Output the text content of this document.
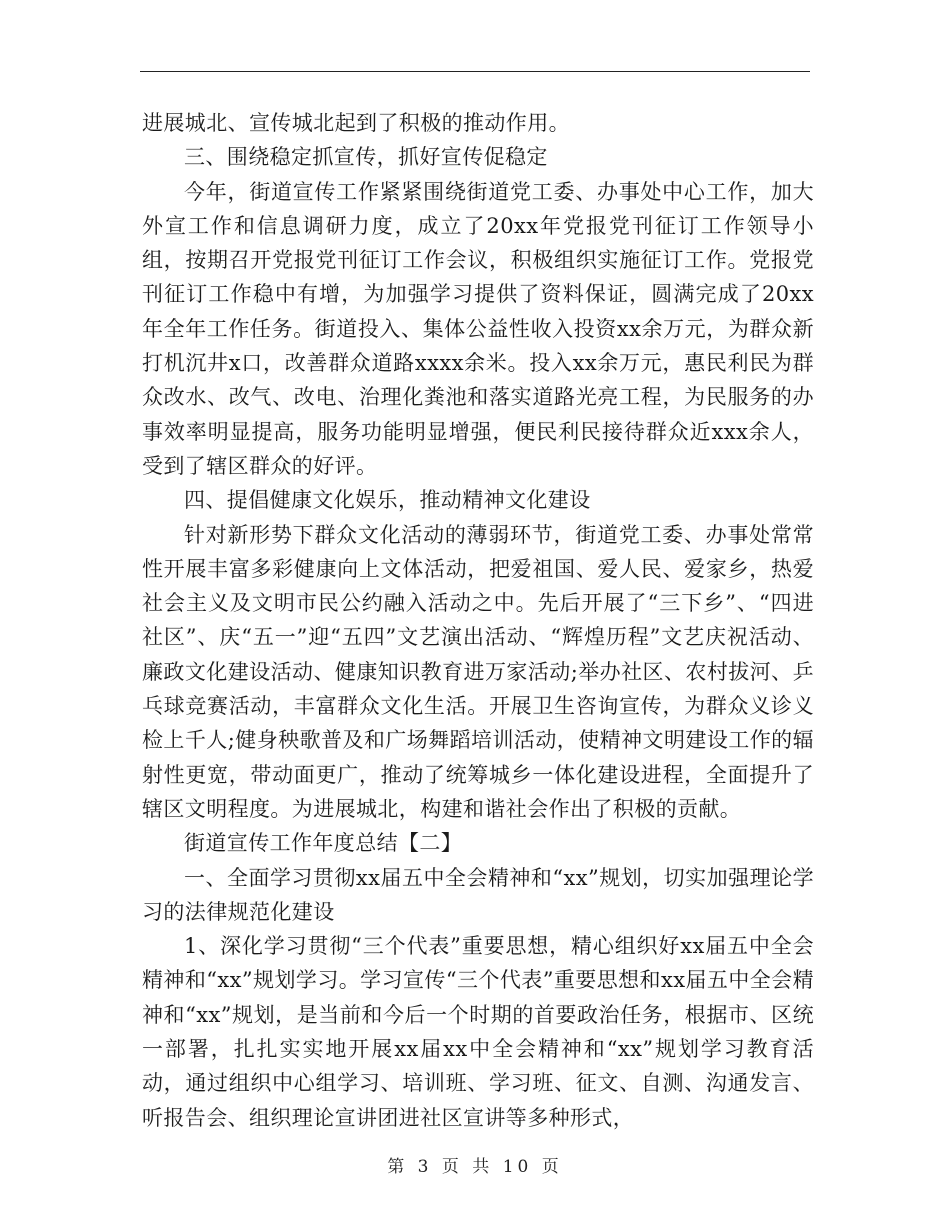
进展城北、宣传城北起到了积极的推动作用。

三、围绕稳定抓宣传，抓好宣传促稳定

今年，街道宣传工作紧紧围绕街道党工委、办事处中心工作，加大外宣工作和信息调研力度，成立了20xx年党报党刊征订工作领导小组，按期召开党报党刊征订工作会议，积极组织实施征订工作。党报党刊征订工作稳中有增，为加强学习提供了资料保证，圆满完成了20xx年全年工作任务。街道投入、集体公益性收入投资xx余万元，为群众新打机沉井x口，改善群众道路xxxx余米。投入xx余万元，惠民利民为群众改水、改气、改电、治理化粪池和落实道路光亮工程，为民服务的办事效率明显提高，服务功能明显增强，便民利民接待群众近xxx余人，受到了辖区群众的好评。

四、提倡健康文化娱乐，推动精神文化建设

针对新形势下群众文化活动的薄弱环节，街道党工委、办事处常常性开展丰富多彩健康向上文体活动，把爱祖国、爱人民、爱家乡，热爱社会主义及文明市民公约融入活动之中。先后开展了“三下乡”、“四进社区”、庆“五一”迎“五四”文艺演出活动、“辉煌历程”文艺庆祝活动、廉政文化建设活动、健康知识教育进万家活动;举办社区、农村拔河、乒乓球竞赛活动，丰富群众文化生活。开展卫生咨询宣传，为群众义诊义检上千人;健身秧歌普及和广场舞蹈培训活动，使精神文明建设工作的辐射性更宽，带动面更广，推动了统筹城乡一体化建设进程，全面提升了辖区文明程度。为进展城北，构建和谐社会作出了积极的贡献。

街道宣传工作年度总结【二】

一、全面学习贯彻xx届五中全会精神和“xx”规划，切实加强理论学习的法律规范化建设

1、深化学习贯彻“三个代表”重要思想，精心组织好xx届五中全会精神和“xx”规划学习。学习宣传“三个代表”重要思想和xx届五中全会精神和“xx”规划，是当前和今后一个时期的首要政治任务，根据市、区统一部署，扎扎实实地开展xx届xx中全会精神和“xx”规划学习教育活动，通过组织中心组学习、培训班、学习班、征文、自测、沟通发言、听报告会、组织理论宣讲团进社区宣讲等多种形式，

第 3 页 共 10 页
